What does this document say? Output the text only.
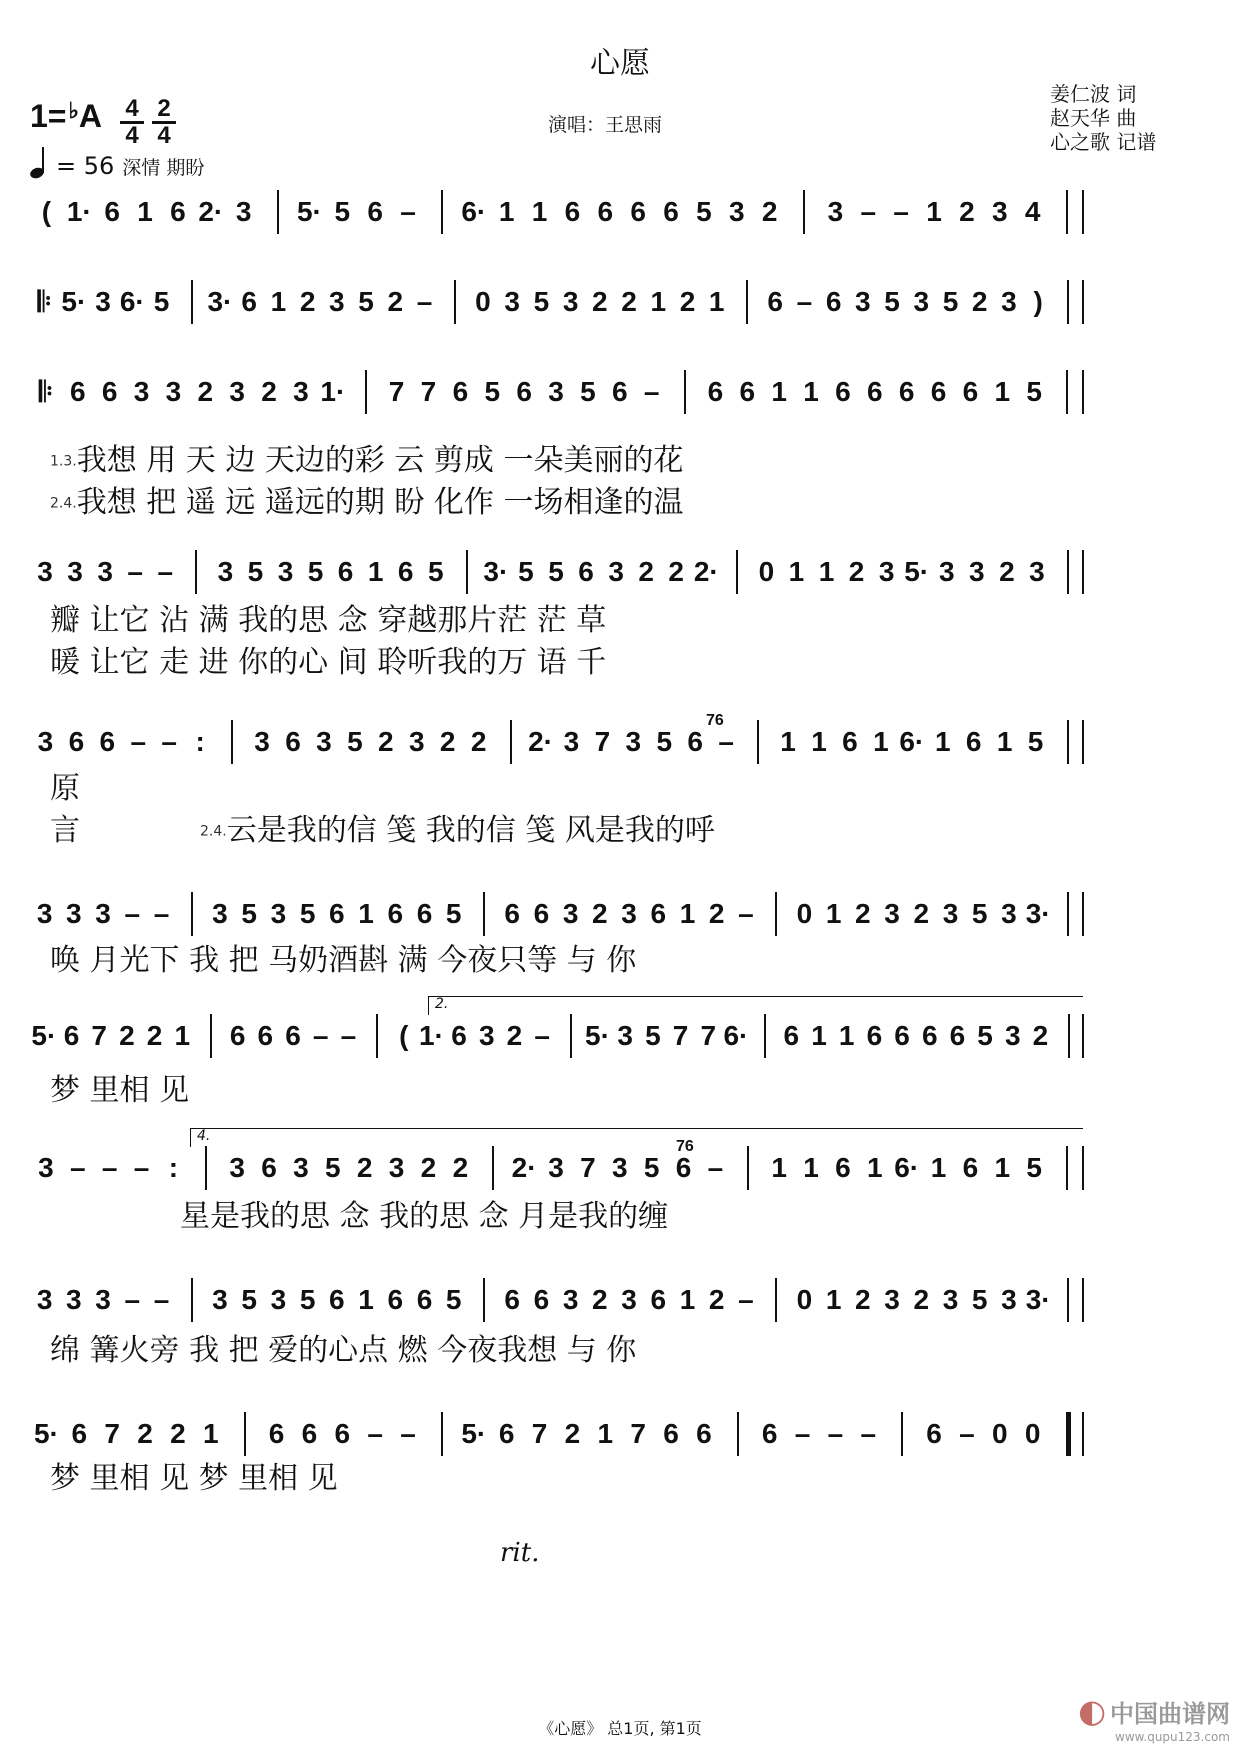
心愿
1=♭A 4
4
2
4
= 56 深情 期盼
演唱：王思雨
姜仁波 词
赵天华 曲
心之歌 记谱
( 1· 6 1 6 2· 3	5· 5 6 –	6· 1 1 6 6 6 6 5 3 2	3 – – 1 2 3 4
𝄆 5· 3 6· 5 3· 6 1 2 3 5 2 – 0 3 5 3 2 2 1 2 1 6 – 6 3 5 3 5 2 3 )
𝄆 6 6 3 3 2 3 2 3 1· 7 7 6 5 6 3 5 6 – 6 6 1 1 6 6 6 6 6 1 5
1.3.我想 用 天 边 天边的彩 云 剪成 一朵美丽的花
2.4.我想 把 遥 远 遥远的期 盼 化作 一场相逢的温
3 3 3 – – 3 5 3 5 6 1 6 5 3· 5 5 6 3 2 2 2· 0 1 1 2 3 5· 3 3 2 3
瓣 让它 沾 满 我的思 念 穿越那片茫 茫 草
暖 让它 走 进 你的心 间 聆听我的万 语 千
3 6 6 – – :	3 6 3 5 2 3 2 2 2· 3 7 3 5 6 – 1 1 6 1 6· 1 6 1 5
76
原
言	2.4.云是我的信 笺 我的信 笺 风是我的呼
3 3 3 – – 3 5 3 5 6 1 6 6 5 6 6 3 2 3 6 1 2 – 0 1 2 3 2 3 5 3 3·
唤 月光下 我 把 马奶酒斟 满 今夜只等 与 你
5· 6 7 2 2 1 6 6 6 – –	( 1· 6 3 2 – 5· 3 5 7 7 6· 6 1 1 6 6 6 6 5 3 2
梦 里相 见
3 – – – :	3 6 3 5 2 3 2 2 2· 3 7 3 5 6 – 1 1 6 1 6· 1 6 1 5
76
星是我的思 念 我的思 念 月是我的缠
3 3 3 – – 3 5 3 5 6 1 6 6 5 6 6 3 2 3 6 1 2 – 0 1 2 3 2 3 5 3 3·
绵 篝火旁 我 把 爱的心点 燃 今夜我想 与 你
5· 6 7 2 2 1	6 6 6 – –	5· 6 7 2 1 7 6 6	6 – – –	6 – 0 0
梦 里相 见 梦 里相 见
2.
4.
rit.
《心愿》 总1页, 第1页	◐ 中国曲谱网
www.qupu123.com
